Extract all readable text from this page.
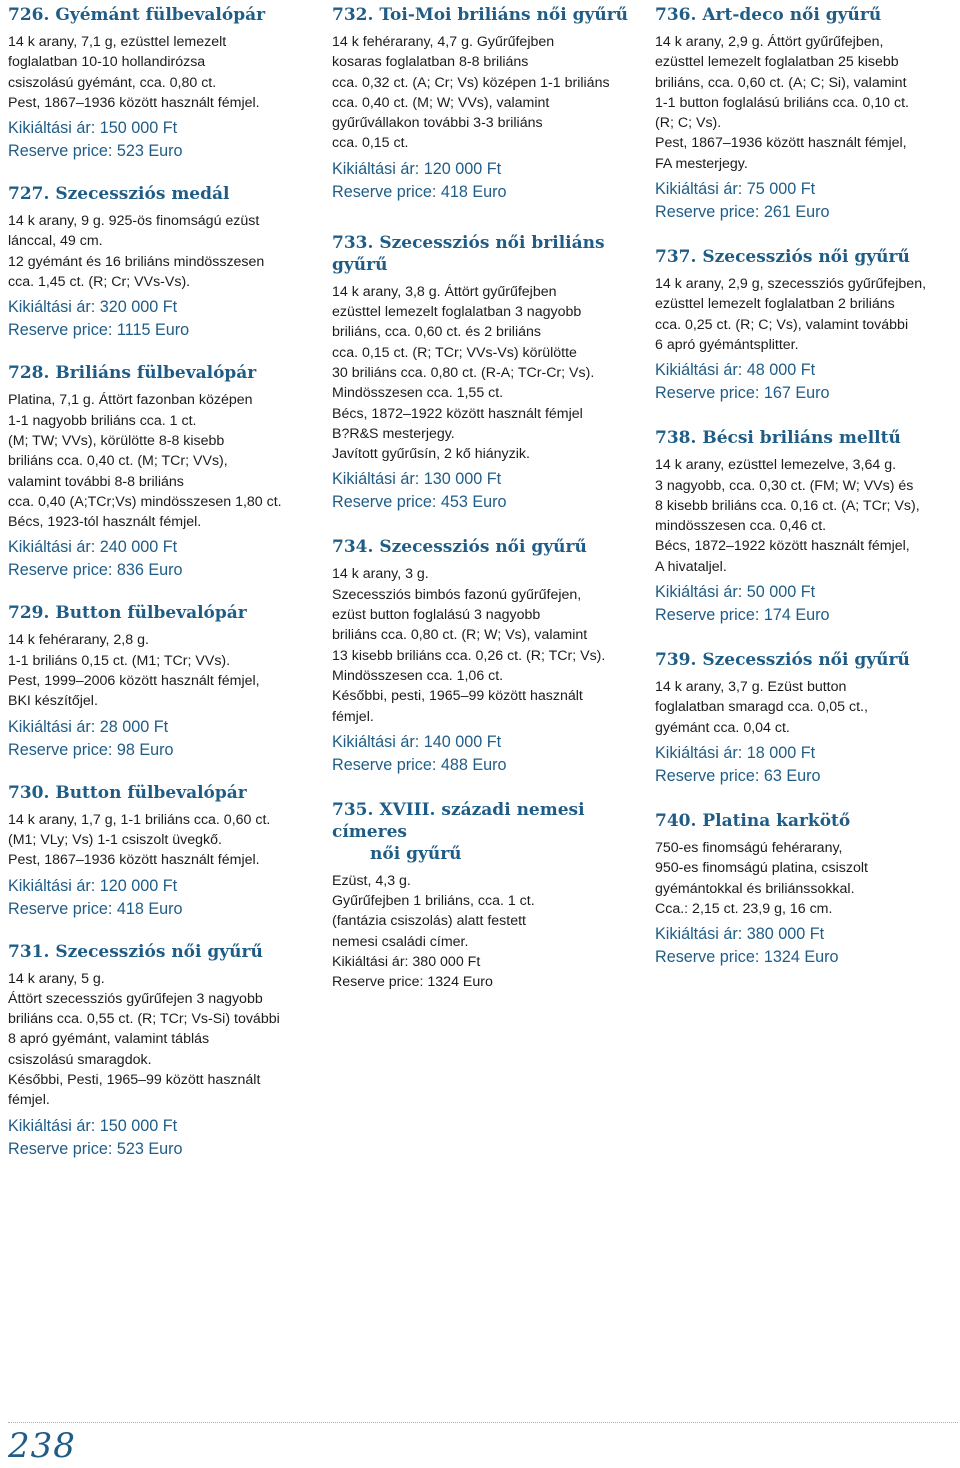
726. Gyémánt fülbevalópár
14 k arany, 7,1 g, ezüsttel lemezelt
foglalatban 10-10 hollandirózsa
csiszolású gyémánt, cca. 0,80 ct.
Pest, 1867–1936 között használt fémjel.
Kikiáltási ár: 150 000 Ft
Reserve price: 523 Euro
727. Szecessziós medál
14 k arany, 9 g. 925-ös finomságú ezüst
lánccal, 49 cm.
12 gyémánt és 16 briliáns mindösszesen
cca. 1,45 ct. (R; Cr; VVs-Vs).
Kikiáltási ár: 320 000 Ft
Reserve price: 1115 Euro
728. Briliáns fülbevalópár
Platina, 7,1 g. Áttört fazonban középen
1-1 nagyobb briliáns cca. 1 ct.
(M; TW; VVs), körülötte 8-8 kisebb
briliáns cca. 0,40 ct. (M; TCr; VVs),
valamint további 8-8 briliáns
cca. 0,40 (A;TCr;Vs) mindösszesen 1,80 ct.
Bécs, 1923-tól használt fémjel.
Kikiáltási ár: 240 000 Ft
Reserve price: 836 Euro
729. Button fülbevalópár
14 k fehérarany, 2,8 g.
1-1 briliáns 0,15 ct. (M1; TCr; VVs).
Pest, 1999–2006 között használt fémjel,
BKI készítőjel.
Kikiáltási ár: 28 000 Ft
Reserve price: 98 Euro
730. Button fülbevalópár
14 k arany, 1,7 g, 1-1 briliáns cca. 0,60 ct.
(M1; VLy; Vs) 1-1 csiszolt üvegkő.
Pest, 1867–1936 között használt fémjel.
Kikiáltási ár: 120 000 Ft
Reserve price: 418 Euro
731. Szecessziós női gyűrű
14 k arany, 5 g.
Áttört szecessziós gyűrűfejen 3 nagyobb
briliáns cca. 0,55 ct. (R; TCr; Vs-Si) további
8 apró gyémánt, valamint táblás
csiszolású smaragdok.
Későbbi, Pesti, 1965–99 között használt
fémjel.
Kikiáltási ár: 150 000 Ft
Reserve price: 523 Euro
732. Toi-Moi briliáns női gyűrű
14 k fehérarany, 4,7 g. Gyűrűfejben
kosaras foglalatban 8-8 briliáns
cca. 0,32 ct. (A; Cr; Vs) középen 1-1 briliáns
cca. 0,40 ct. (M; W; VVs), valamint
gyűrűvállakon további 3-3 briliáns
cca. 0,15 ct.
Kikiáltási ár: 120 000 Ft
Reserve price: 418 Euro
733. Szecessziós női briliáns gyűrű
14 k arany, 3,8 g. Áttört gyűrűfejben
ezüsttel lemezelt foglalatban 3 nagyobb
briliáns, cca. 0,60 ct. és 2 briliáns
cca. 0,15 ct. (R; TCr; VVs-Vs) körülötte
30 briliáns cca. 0,80 ct. (R-A; TCr-Cr; Vs).
Mindösszesen cca. 1,55 ct.
Bécs, 1872–1922 között használt fémjel
B?R&S mesterjegy.
Javított gyűrűsín, 2 kő hiányzik.
Kikiáltási ár: 130 000 Ft
Reserve price: 453 Euro
734. Szecessziós női gyűrű
14 k arany, 3 g.
Szecessziós bimbós fazonú gyűrűfejen,
ezüst button foglalású 3 nagyobb
briliáns cca. 0,80 ct. (R; W; Vs), valamint
13 kisebb briliáns cca. 0,26 ct. (R; TCr; Vs).
Mindösszesen cca. 1,06 ct.
Későbbi, pesti, 1965–99 között használt
fémjel.
Kikiáltási ár: 140 000 Ft
Reserve price: 488 Euro
735. XVIII. századi nemesi címeres
női gyűrű
Ezüst, 4,3 g.
Gyűrűfejben 1 briliáns, cca. 1 ct.
(fantázia csiszolás) alatt festett
nemesi családi címer.
Kikiáltási ár: 380 000 Ft
Reserve price: 1324 Euro
736. Art-deco női gyűrű
14 k arany, 2,9 g. Áttört gyűrűfejben,
ezüsttel lemezelt foglalatban 25 kisebb
briliáns, cca. 0,60 ct. (A; C; Si), valamint
1-1 button foglalású briliáns cca. 0,10 ct.
(R; C; Vs).
Pest, 1867–1936 között használt fémjel,
FA mesterjegy.
Kikiáltási ár: 75 000 Ft
Reserve price: 261 Euro
737. Szecessziós női gyűrű
14 k arany, 2,9 g, szecessziós gyűrűfejben,
ezüsttel lemezelt foglalatban 2 briliáns
cca. 0,25 ct. (R; C; Vs), valamint további
6 apró gyémántsplitter.
Kikiáltási ár: 48 000 Ft
Reserve price: 167 Euro
738. Bécsi briliáns melltű
14 k arany, ezüsttel lemezelve, 3,64 g.
3 nagyobb, cca. 0,30 ct. (FM; W; VVs) és
8 kisebb briliáns cca. 0,16 ct. (A; TCr; Vs),
mindösszesen cca. 0,46 ct.
Bécs, 1872–1922 között használt fémjel,
A hivataljel.
Kikiáltási ár: 50 000 Ft
Reserve price: 174 Euro
739. Szecessziós női gyűrű
14 k arany, 3,7 g. Ezüst button
foglalatban smaragd cca. 0,05 ct.,
gyémánt cca. 0,04 ct.
Kikiáltási ár: 18 000 Ft
Reserve price: 63 Euro
740. Platina karkötő
750-es finomságú fehérarany,
950-es finomságú platina, csiszolt
gyémántokkal és briliánssokkal.
Cca.: 2,15 ct. 23,9 g, 16 cm.
Kikiáltási ár: 380 000 Ft
Reserve price: 1324 Euro
238
